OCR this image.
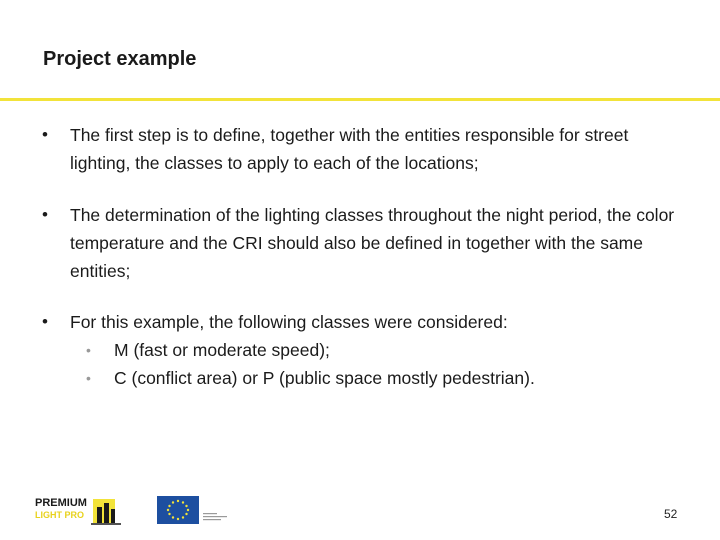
Project example
• The first step is to define, together with the entities responsible for street lighting, the classes to apply to each of the locations;
• The determination of the lighting classes throughout the night period, the color temperature and the CRI should also be defined in together with the same entities;
• For this example, the following classes were considered:
• M (fast or moderate speed);
• C (conflict area) or P (public space mostly pedestrian).
PREMIUM
LIGHT PRO	52
